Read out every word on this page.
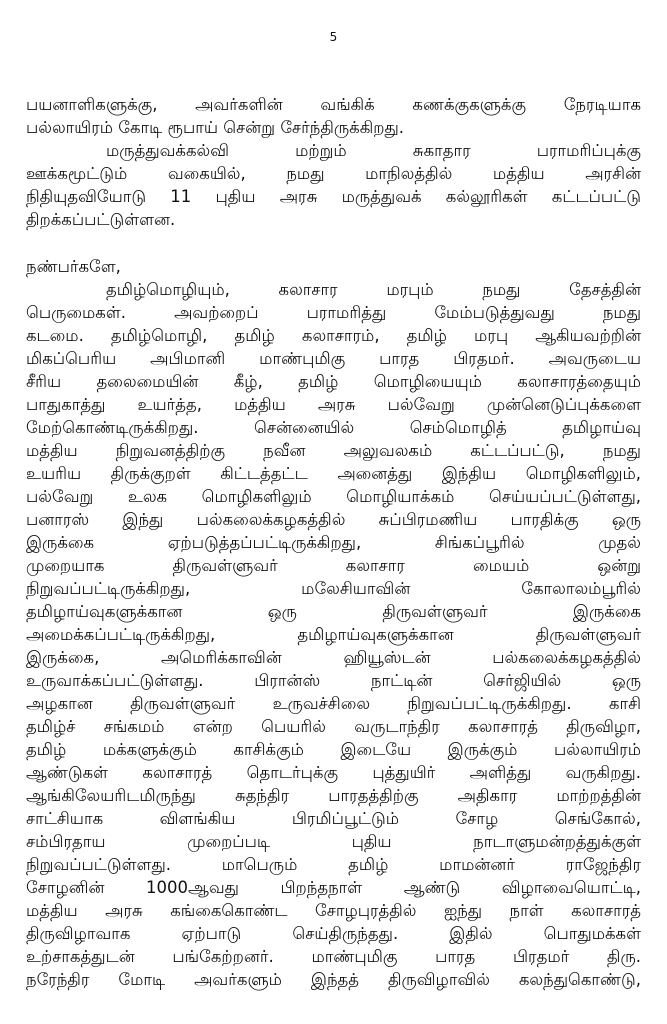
5
பயனாளிகளுக்கு, அவர்களின் வங்கிக் கணக்குகளுக்கு நேரடியாக
பல்லாயிரம் கோடி ரூபாய் சென்று சேர்ந்திருக்கிறது.
மருத்துவக்கல்வி மற்றும் சுகாதார பராமரிப்புக்கு
ஊக்கமூட்டும் வகையில், நமது மாநிலத்தில் மத்திய அரசின்
நிதியுதவியோடு 11 புதிய அரசு மருத்துவக் கல்லூரிகள் கட்டப்பட்டு
திறக்கப்பட்டுள்ளன.
நண்பர்களே,
தமிழ்மொழியும், கலாசார மரபும் நமது தேசத்தின்
பெருமைகள். அவற்றைப் பராமரித்து மேம்படுத்துவது நமது
கடமை. தமிழ்மொழி, தமிழ் கலாசாரம், தமிழ் மரபு ஆகியவற்றின்
மிகப்பெரிய அபிமானி மாண்புமிகு பாரத பிரதமர். அவருடைய
சீரிய தலைமையின் கீழ், தமிழ் மொழியையும் கலாசாரத்தையும்
பாதுகாத்து உயர்த்த, மத்திய அரசு பல்வேறு முன்னெடுப்புக்களை
மேற்கொண்டிருக்கிறது. சென்னையில் செம்மொழித் தமிழாய்வு
மத்திய நிறுவனத்திற்கு நவீன அலுவலகம் கட்டப்பட்டு, நமது
உயரிய திருக்குறள் கிட்டத்தட்ட அனைத்து இந்திய மொழிகளிலும்,
பல்வேறு உலக மொழிகளிலும் மொழியாக்கம் செய்யப்பட்டுள்ளது,
பனாரஸ் இந்து பல்கலைக்கழகத்தில் சுப்பிரமணிய பாரதிக்கு ஒரு
இருக்கை ஏற்படுத்தப்பட்டிருக்கிறது, சிங்கப்பூரில் முதல்
முறையாக திருவள்ளுவர் கலாசார மையம் ஒன்று
நிறுவப்பட்டிருக்கிறது, மலேசியாவின் கோலாலம்பூரில்
தமிழாய்வுகளுக்கான ஒரு திருவள்ளுவர் இருக்கை
அமைக்கப்பட்டிருக்கிறது, தமிழாய்வுகளுக்கான திருவள்ளுவர்
இருக்கை, அமெரிக்காவின் ஹியூஸ்டன் பல்கலைக்கழகத்தில்
உருவாக்கப்பட்டுள்ளது. பிரான்ஸ் நாட்டின் செர்ஜியில் ஒரு
அழகான திருவள்ளுவர் உருவச்சிலை நிறுவப்பட்டிருக்கிறது. காசி
தமிழ்ச் சங்கமம் என்ற பெயரில் வருடாந்திர கலாசாரத் திருவிழா,
தமிழ் மக்களுக்கும் காசிக்கும் இடையே இருக்கும் பல்லாயிரம்
ஆண்டுகள் கலாசாரத் தொடர்புக்கு புத்துயிர் அளித்து வருகிறது.
ஆங்கிலேயரிடமிருந்து சுதந்திர பாரதத்திற்கு அதிகார மாற்றத்தின்
சாட்சியாக விளங்கிய பிரமிப்பூட்டும் சோழ செங்கோல்,
சம்பிரதாய முறைப்படி புதிய நாடாளுமன்றத்துக்குள்
நிறுவப்பட்டுள்ளது. மாபெரும் தமிழ் மாமன்னர் ராஜேந்திர
சோழனின் 1000ஆவது பிறந்தநாள் ஆண்டு விழாவையொட்டி,
மத்திய அரசு கங்கைகொண்ட சோழபுரத்தில் ஐந்து நாள் கலாசாரத்
திருவிழாவாக ஏற்பாடு செய்திருந்தது. இதில் பொதுமக்கள்
உற்சாகத்துடன் பங்கேற்றனர். மாண்புமிகு பாரத பிரதமர் திரு.
நரேந்திர மோடி அவர்களும் இந்தத் திருவிழாவில் கலந்துகொண்டு,
